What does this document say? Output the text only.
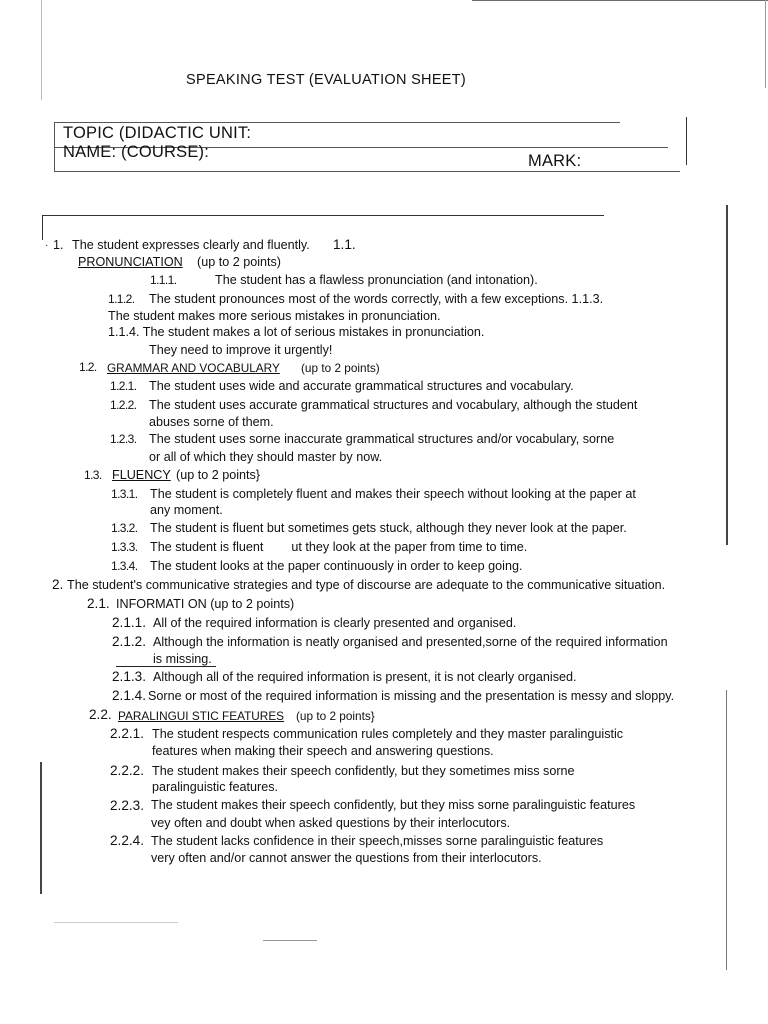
SPEAKING TEST (EVALUATION SHEET)
TOPIC (DIDACTIC UNIT:
NAME: (COURSE):	MARK:
· 1. The student expresses clearly and fluently. 1.1.
PRONUNCIATION (up to 2 points)
1.1.1.	The student has a flawless pronunciation (and intonation).
1.1.2. The student pronounces most of the words correctly, with a few exceptions. 1.1.3.
The student makes more serious mistakes in pronunciation.
1.1.4. The student makes a lot of serious mistakes in pronunciation.
They need to improve it urgently!
1.2. GRAMMAR AND VOCABULARY (up to 2 points)
1.2.1. The student uses wide and accurate grammatical structures and vocabulary.
1.2.2. The student uses accurate grammatical structures and vocabulary, although the student
abuses sorne of them.
1.2.3. The student uses sorne inaccurate grammatical structures and/or vocabulary, sorne
or all of which they should master by now.
1.3. FLUENCY (up to 2 points}
1.3.1. The student is completely fluent and makes their speech without looking at the paper at
any moment.
1.3.2. The student is fluent but sometimes gets stuck, although they never look at the paper.
1.3.3. The student is fluent        ut they look at the paper from time to time.
1.3.4. The student looks at the paper continuously in order to keep going.
2. The student's communicative strategies and type of discourse are adequate to the communicative situation.
2.1. INFORMATI ON (up to 2 points)
2.1.1. All of the required information is clearly presented and organised.
2.1.2. Although the information is neatly organised and presented,sorne of the required information
is missing.
2.1.3. Although all of the required information is present, it is not clearly organised.
2.1.4. Sorne or most of the required information is missing and the presentation is messy and sloppy.
2.2. PARALINGUI STIC FEATURES (up to 2 points}
2.2.1. The student respects communication rules completely and they master paralinguistic
features when making their speech and answering questions.
2.2.2. The student makes their speech confidently, but they sometimes miss sorne
paralinguistic features.
2.2.3. The student makes their speech confidently, but they miss sorne paralinguistic features
vey often and doubt when asked questions by their interlocutors.
2.2.4. The student lacks confidence in their speech,misses sorne paralinguistic features
very often and/or cannot answer the questions from their interlocutors.
